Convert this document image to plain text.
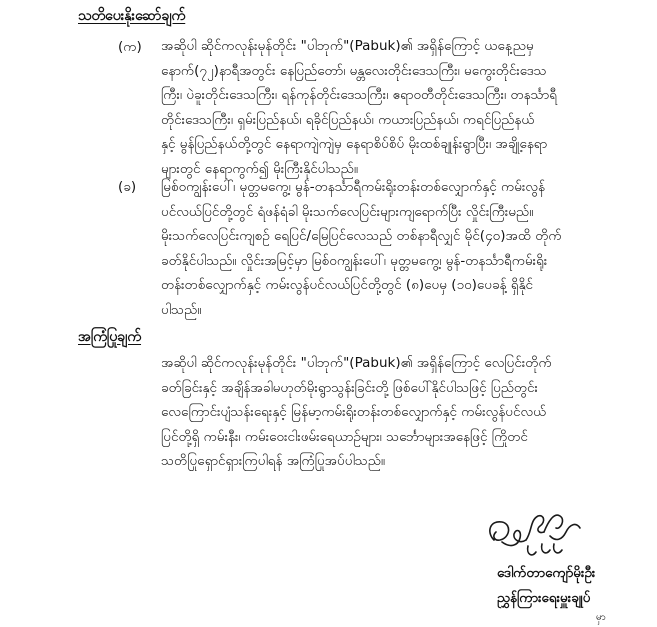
သတိပေးနိုးဆော်ချက်
(က) အဆိုပါ ဆိုင်ကလုန်းမုန်တိုင်း "ပါဘုက်"(Pabuk)၏ အရှိန်ကြောင့် ယနေ့ညမှ
နောက်(၇၂)နာရီအတွင်း နေပြည်တော်၊ မန္တလေးတိုင်းဒေသကြီး၊ မကွေးတိုင်းဒေသ
ကြီး၊ ပဲခူးတိုင်းဒေသကြီး၊ ရန်ကုန်တိုင်းဒေသကြီး၊ ဧရာဝတီတိုင်းဒေသကြီး၊ တနင်္သာရီ
တိုင်းဒေသကြီး၊ ရှမ်းပြည်နယ်၊ ရခိုင်ပြည်နယ်၊ ကယားပြည်နယ်၊ ကရင်ပြည်နယ်
နှင့် မွန်ပြည်နယ်တို့တွင် နေရာကျဲကျဲမှ နေရာစိပ်စိပ် မိုးထစ်ချုန်းရွာပြီး၊ အချို့နေရာ
များတွင် နေရာကွက်၍ မိုးကြီးနိုင်ပါသည်။
(ခ) မြစ်ဝကျွန်းပေါ်၊ မုတ္တမကွေ့၊ မွန်-တနင်္သာရီကမ်းရိုးတန်းတစ်လျှောက်နှင့် ကမ်းလွန်
ပင်လယ်ပြင်တို့တွင် ရံဖန်ရံခါ မိုးသက်လေပြင်းများကျရောက်ပြီး လှိုင်းကြီးမည်။
မိုးသက်လေပြင်းကျစဉ် ရေပြင်/မြေပြင်လေသည် တစ်နာရီလျှင် မိုင်(၄၀)အထိ တိုက်
ခတ်နိုင်ပါသည်။ လှိုင်းအမြင့်မှာ မြစ်ဝကျွန်းပေါ်၊ မုတ္တမကွေ့၊ မွန်-တနင်္သာရီကမ်းရိုး
တန်းတစ်လျှောက်နှင့် ကမ်းလွန်ပင်လယ်ပြင်တို့တွင် (၈)ပေမှ (၁၀)ပေခန့် ရှိနိုင်
ပါသည်။
အကြံပြုချက်
အဆိုပါ ဆိုင်ကလုန်းမုန်တိုင်း "ပါဘုက်"(Pabuk)၏ အရှိန်ကြောင့် လေပြင်းတိုက်
ခတ်ခြင်းနှင့် အချိန်အခါမဟုတ်မိုးရွာသွန်းခြင်းတို့ ဖြစ်ပေါ်နိုင်ပါသဖြင့် ပြည်တွင်း
လေကြောင်းပျံသန်းရေးနှင့် မြန်မာ့ကမ်းရိုးတန်းတစ်လျှောက်နှင့် ကမ်းလွန်ပင်လယ်
ပြင်တို့ရှိ ကမ်းနီး၊ ကမ်းဝေးငါးဖမ်းရေယာဉ်များ၊ သင်္ဘောများအနေဖြင့် ကြိုတင်
သတိပြုရှောင်ရှားကြပါရန် အကြံပြုအပ်ပါသည်။
ဒေါက်တာကျော်မိုးဦး
ညွှန်ကြားရေးမှူးချုပ်
မှာ
